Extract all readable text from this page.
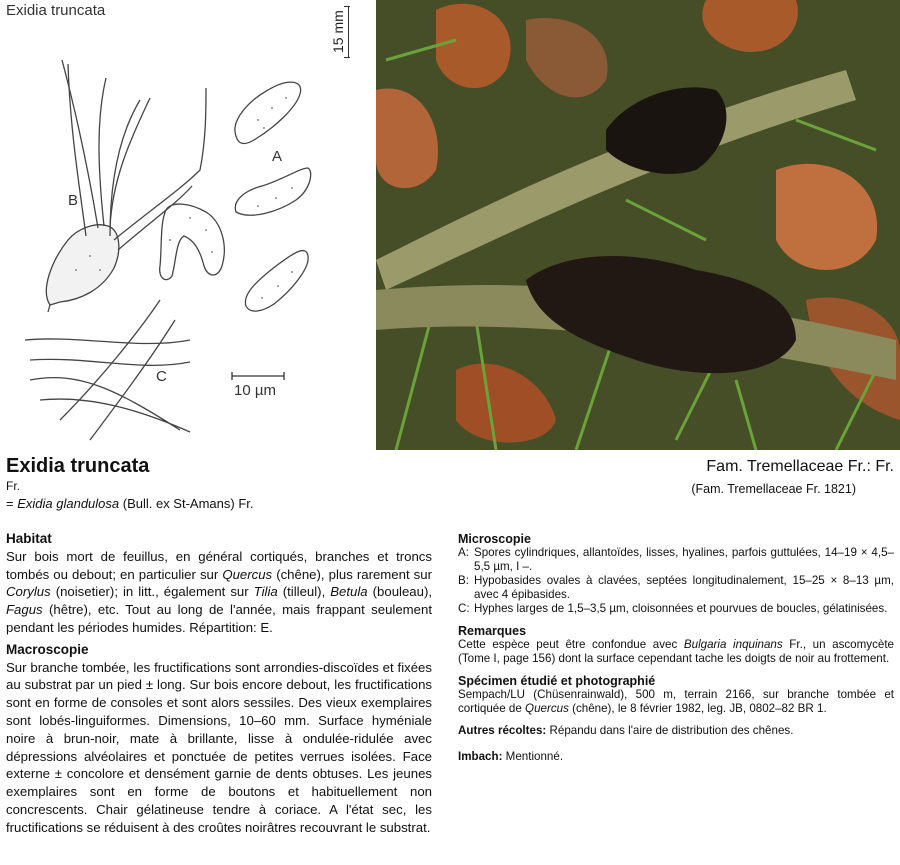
A
B
C
10 µm
Exidia truncata
15 mm
Exidia truncata
Fr.
= Exidia glandulosa (Bull. ex St-Amans) Fr.
Fam. Tremellaceae Fr.: Fr.
(Fam. Tremellaceae Fr. 1821)
Habitat
Sur bois mort de feuillus, en général cortiqués, branches et troncs tombés ou debout; en particulier sur Quercus (chêne), plus rarement sur Corylus (noisetier); in litt., également sur Tilia (tilleul), Betula (bouleau), Fagus (hêtre), etc. Tout au long de l'année, mais frappant seulement pendant les périodes humides. Répartition: E.
Macroscopie
Sur branche tombée, les fructifications sont arrondies-discoïdes et fixées au substrat par un pied ± long. Sur bois encore debout, les fructifications sont en forme de consoles et sont alors sessiles. Des vieux exemplaires sont lobés-linguiformes. Dimensions, 10–60 mm. Surface hyméniale noire à brun-noir, mate à brillante, lisse à ondulée-ridulée avec dépressions alvéolaires et ponctuée de petites verrues isolées. Face externe ± concolore et densément garnie de dents obtuses. Les jeunes exemplaires sont en forme de boutons et habituellement non concrescents. Chair gélatineuse tendre à coriace. A l'état sec, les fructifications se réduisent à des croûtes noirâtres recouvrant le substrat.
Microscopie
A: Spores cylindriques, allantoïdes, lisses, hyalines, parfois guttulées, 14–19 × 4,5–5,5 µm, I –.
B: Hypobasides ovales à clavées, septées longitudinalement, 15–25 × 8–13 µm, avec 4 épibasides.
C: Hyphes larges de 1,5–3,5 µm, cloisonnées et pourvues de boucles, gélatinisées.
Remarques
Cette espèce peut être confondue avec Bulgaria inquinans Fr., un ascomycète (Tome I, page 156) dont la surface cependant tache les doigts de noir au frottement.
Spécimen étudié et photographié
Sempach/LU (Chüsenrainwald), 500 m, terrain 2166, sur branche tombée et cortiquée de Quercus (chêne), le 8 février 1982, leg. JB, 0802–82 BR 1.
Autres récoltes: Répandu dans l'aire de distribution des chênes.
Imbach: Mentionné.
